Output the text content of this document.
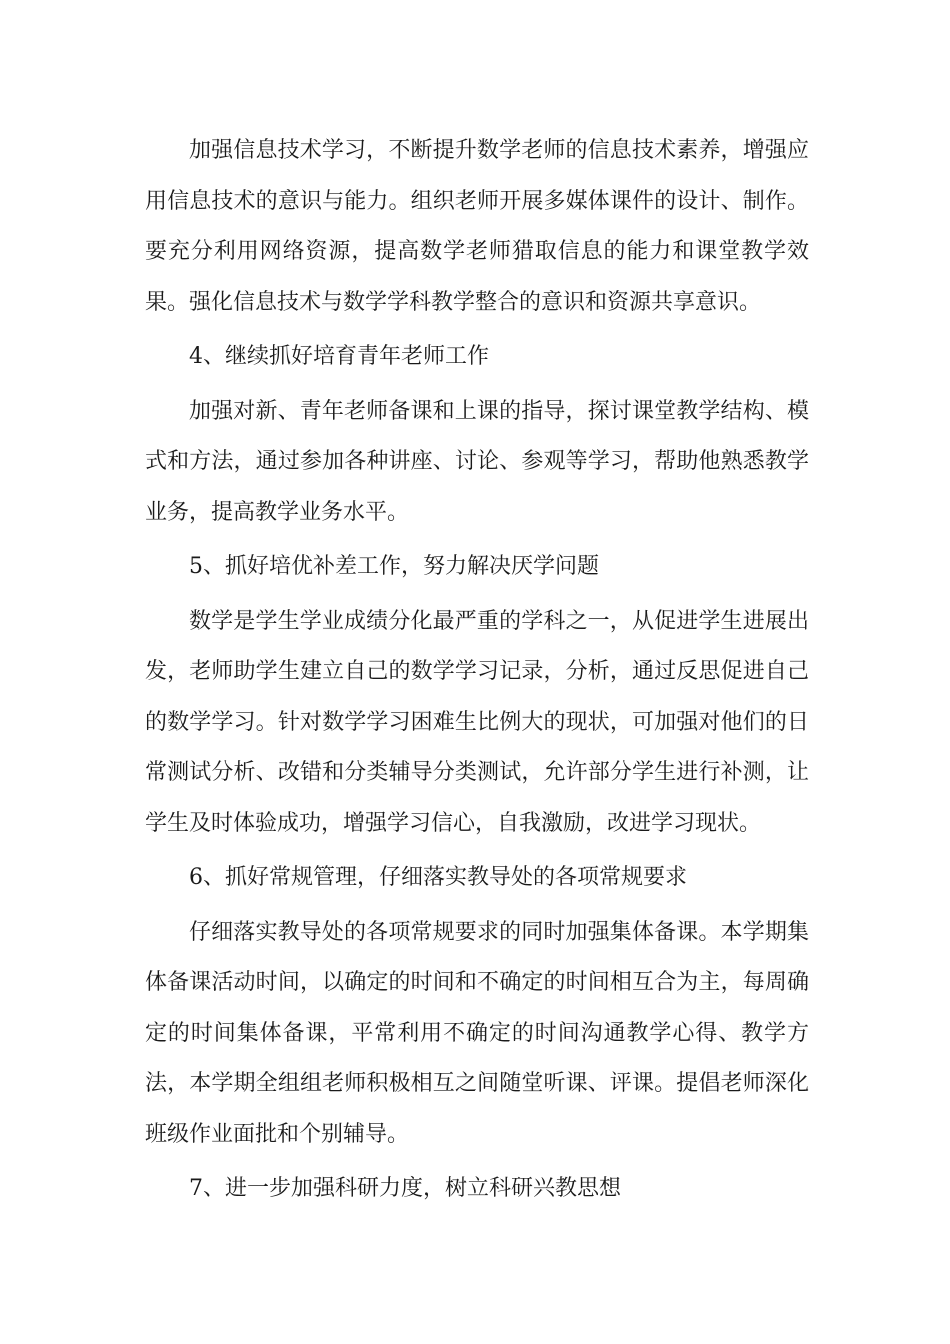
加强信息技术学习，不断提升数学老师的信息技术素养，增强应用信息技术的意识与能力。组织老师开展多媒体课件的设计、制作。要充分利用网络资源，提高数学老师猎取信息的能力和课堂教学效果。强化信息技术与数学学科教学整合的意识和资源共享意识。

4、继续抓好培育青年老师工作

加强对新、青年老师备课和上课的指导，探讨课堂教学结构、模式和方法，通过参加各种讲座、讨论、参观等学习，帮助他熟悉教学业务，提高教学业务水平。

5、抓好培优补差工作，努力解决厌学问题

数学是学生学业成绩分化最严重的学科之一，从促进学生进展出发，老师助学生建立自己的数学学习记录，分析，通过反思促进自己的数学学习。针对数学学习困难生比例大的现状，可加强对他们的日常测试分析、改错和分类辅导分类测试，允许部分学生进行补测，让学生及时体验成功，增强学习信心，自我激励，改进学习现状。

6、抓好常规管理，仔细落实教导处的各项常规要求

仔细落实教导处的各项常规要求的同时加强集体备课。本学期集体备课活动时间，以确定的时间和不确定的时间相互合为主，每周确定的时间集体备课，平常利用不确定的时间沟通教学心得、教学方法，本学期全组组老师积极相互之间随堂听课、评课。提倡老师深化班级作业面批和个别辅导。

7、进一步加强科研力度，树立科研兴教思想
